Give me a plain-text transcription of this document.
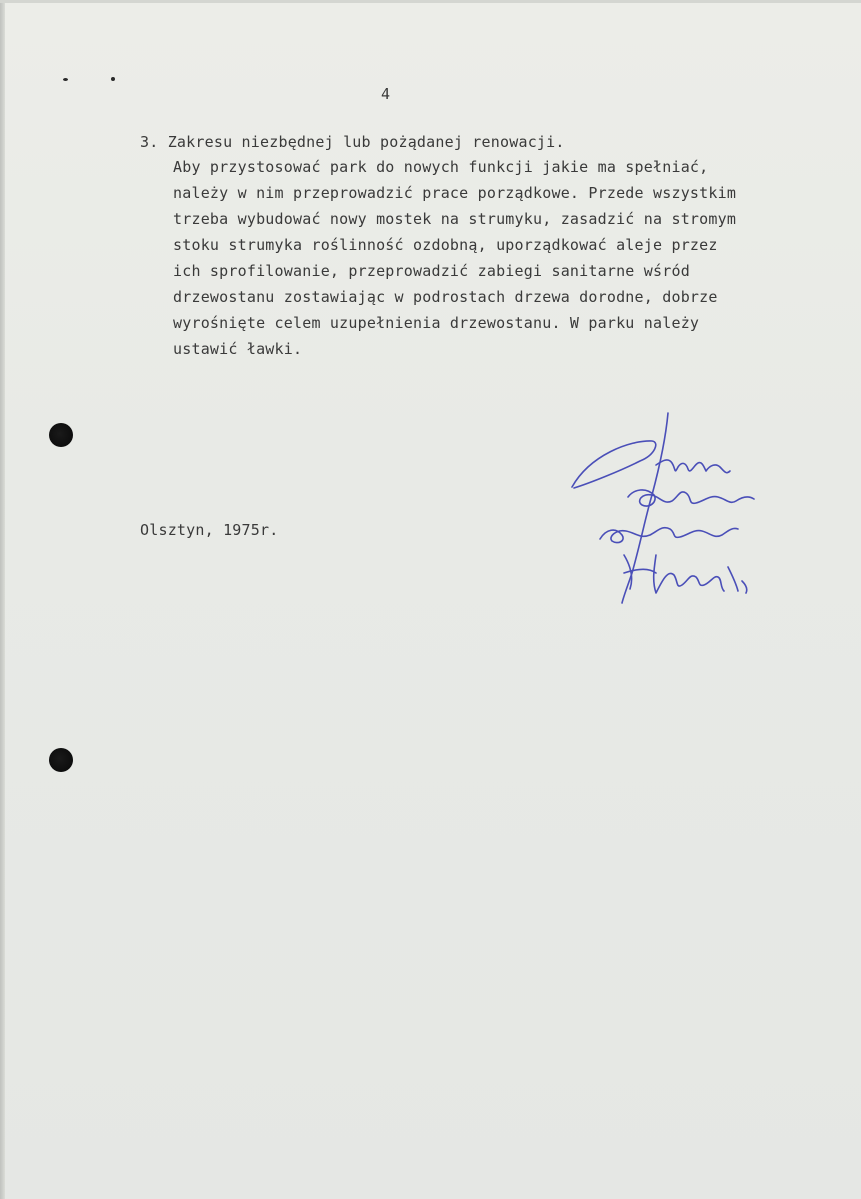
4
3. Zakresu niezbędnej lub pożądanej renowacji.
Aby przystosować park do nowych funkcji jakie ma spełniać,
należy w nim przeprowadzić prace porządkowe. Przede wszystkim
trzeba wybudować nowy mostek na strumyku, zasadzić na stromym
stoku strumyka roślinność ozdobną, uporządkować aleje przez
ich sprofilowanie, przeprowadzić zabiegi sanitarne wśród
drzewostanu zostawiając w podrostach drzewa dorodne, dobrze
wyrośnięte celem uzupełnienia drzewostanu. W parku należy
ustawić ławki.
Olsztyn, 1975r.
